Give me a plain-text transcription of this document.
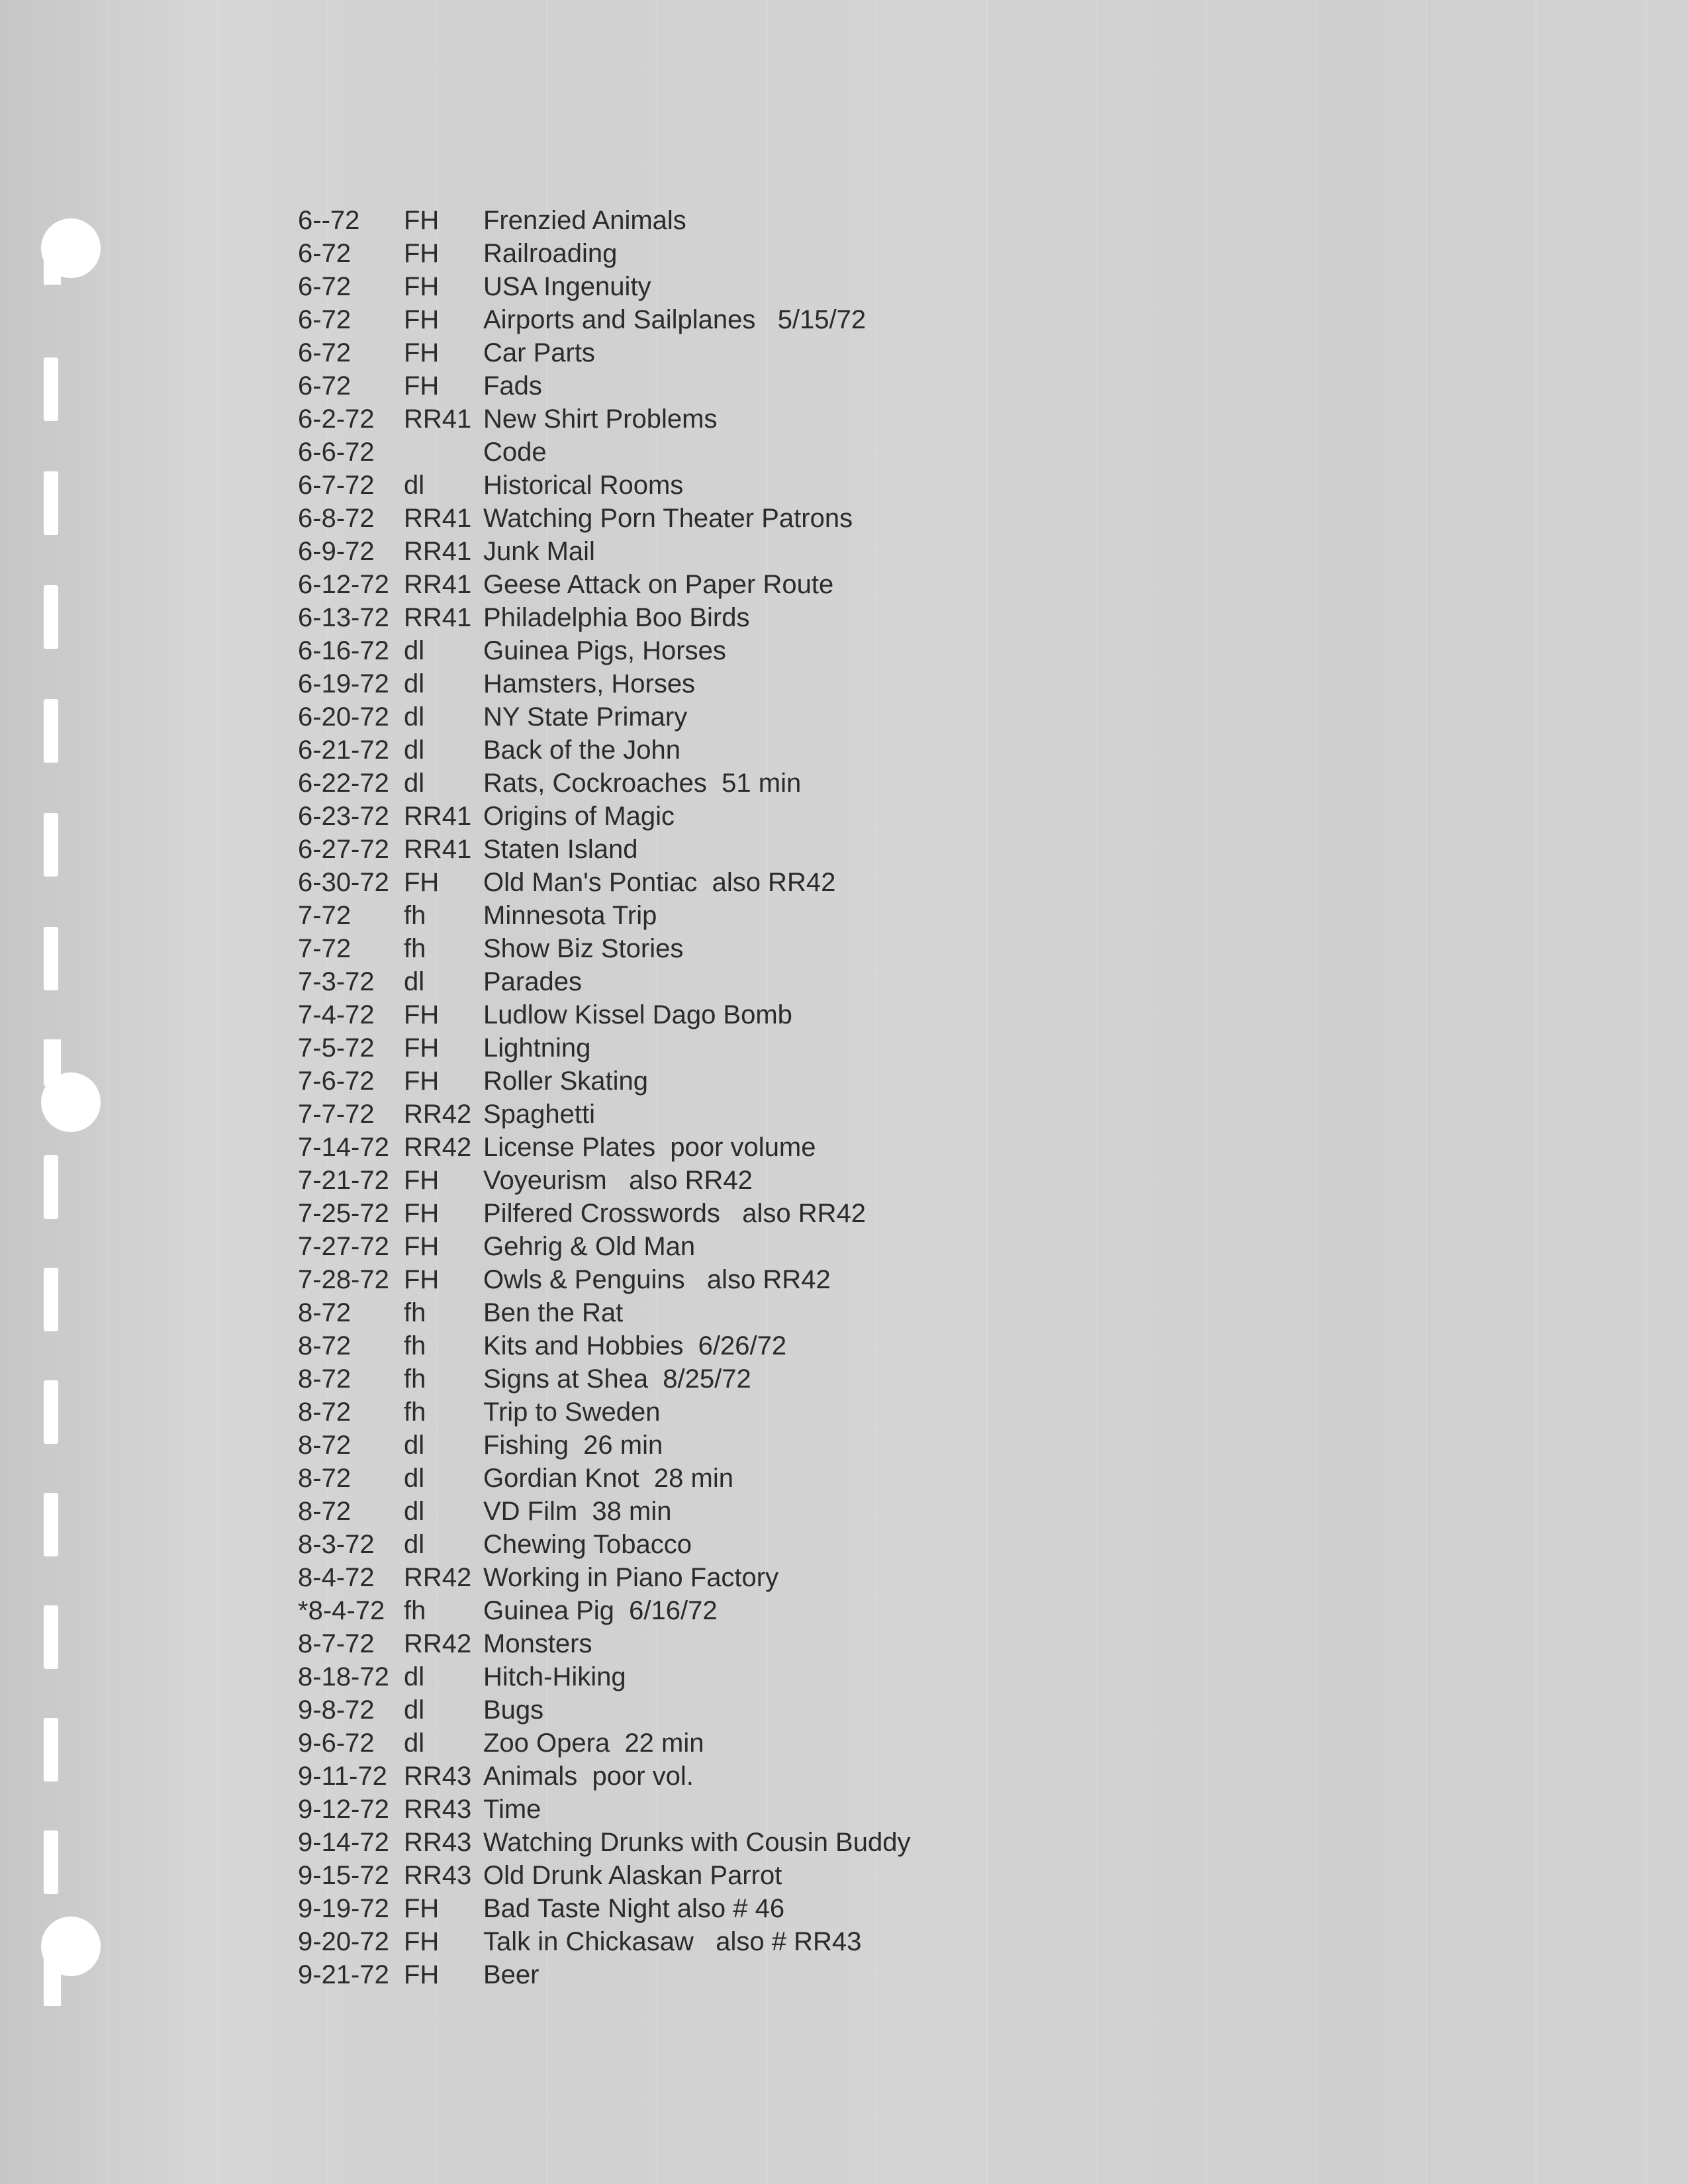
6--72 FH Frenzied Animals
6-72 FH Railroading
6-72 FH USA Ingenuity
6-72 FH Airports and Sailplanes   5/15/72
6-72 FH Car Parts
6-72 FH Fads
6-2-72 RR41 New Shirt Problems
6-6-72	Code
6-7-72 dl Historical Rooms
6-8-72 RR41 Watching Porn Theater Patrons
6-9-72 RR41 Junk Mail
6-12-72 RR41 Geese Attack on Paper Route
6-13-72 RR41 Philadelphia Boo Birds
6-16-72 dl Guinea Pigs, Horses
6-19-72 dl Hamsters, Horses
6-20-72 dl NY State Primary
6-21-72 dl Back of the John
6-22-72 dl Rats, Cockroaches  51 min
6-23-72 RR41 Origins of Magic
6-27-72 RR41 Staten Island
6-30-72 FH Old Man's Pontiac  also RR42
7-72 fh Minnesota Trip
7-72 fh Show Biz Stories
7-3-72 dl Parades
7-4-72 FH Ludlow Kissel Dago Bomb
7-5-72 FH Lightning
7-6-72 FH Roller Skating
7-7-72 RR42 Spaghetti
7-14-72 RR42 License Plates  poor volume
7-21-72 FH Voyeurism   also RR42
7-25-72 FH Pilfered Crosswords   also RR42
7-27-72 FH Gehrig & Old Man
7-28-72 FH Owls & Penguins   also RR42
8-72 fh Ben the Rat
8-72 fh Kits and Hobbies  6/26/72
8-72 fh Signs at Shea  8/25/72
8-72 fh Trip to Sweden
8-72 dl Fishing  26 min
8-72 dl Gordian Knot  28 min
8-72 dl VD Film  38 min
8-3-72 dl Chewing Tobacco
8-4-72 RR42 Working in Piano Factory
*8-4-72 fh Guinea Pig  6/16/72
8-7-72 RR42 Monsters
8-18-72 dl Hitch-Hiking
9-8-72 dl Bugs
9-6-72 dl Zoo Opera  22 min
9-11-72 RR43 Animals  poor vol.
9-12-72 RR43 Time
9-14-72 RR43 Watching Drunks with Cousin Buddy
9-15-72 RR43 Old Drunk Alaskan Parrot
9-19-72 FH Bad Taste Night also # 46
9-20-72 FH Talk in Chickasaw   also # RR43
9-21-72 FH Beer
